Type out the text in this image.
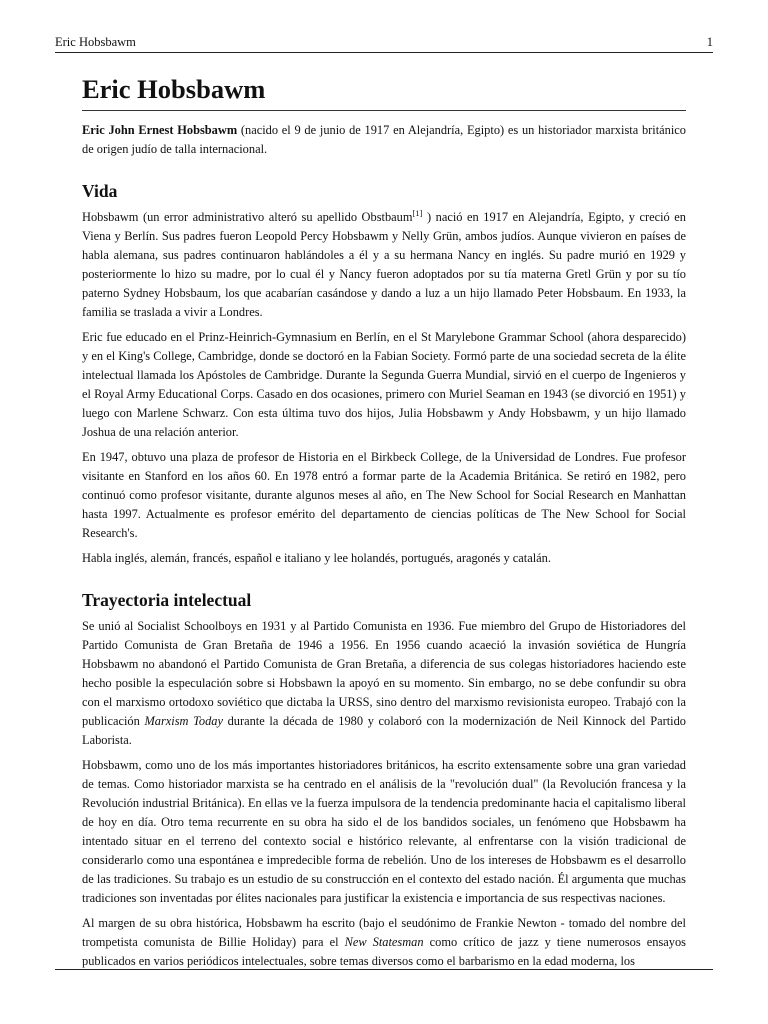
Eric Hobsbawm	1
Eric Hobsbawm

Eric John Ernest Hobsbawm (nacido el 9 de junio de 1917 en Alejandría, Egipto) es un historiador marxista británico de origen judío de talla internacional.

Vida

Hobsbawm (un error administrativo alteró su apellido Obstbaum[1] ) nació en 1917 en Alejandría, Egipto, y creció en Viena y Berlín. Sus padres fueron Leopold Percy Hobsbawm y Nelly Grün, ambos judíos. Aunque vivieron en países de habla alemana, sus padres continuaron hablándoles a él y a su hermana Nancy en inglés. Su padre murió en 1929 y posteriormente lo hizo su madre, por lo cual él y Nancy fueron adoptados por su tía materna Gretl Grün y por su tío paterno Sydney Hobsbaum, los que acabarían casándose y dando a luz a un hijo llamado Peter Hobsbaum. En 1933, la familia se traslada a vivir a Londres.

Eric fue educado en el Prinz-Heinrich-Gymnasium en Berlín, en el St Marylebone Grammar School (ahora desparecido) y en el King's College, Cambridge, donde se doctoró en la Fabian Society. Formó parte de una sociedad secreta de la élite intelectual llamada los Apóstoles de Cambridge. Durante la Segunda Guerra Mundial, sirvió en el cuerpo de Ingenieros y el Royal Army Educational Corps. Casado en dos ocasiones, primero con Muriel Seaman en 1943 (se divorció en 1951) y luego con Marlene Schwarz. Con esta última tuvo dos hijos, Julia Hobsbawm y Andy Hobsbawm, y un hijo llamado Joshua de una relación anterior.

En 1947, obtuvo una plaza de profesor de Historia en el Birkbeck College, de la Universidad de Londres. Fue profesor visitante en Stanford en los años 60. En 1978 entró a formar parte de la Academia Británica. Se retiró en 1982, pero continuó como profesor visitante, durante algunos meses al año, en The New School for Social Research en Manhattan hasta 1997. Actualmente es profesor emérito del departamento de ciencias políticas de The New School for Social Research's.

Habla inglés, alemán, francés, español e italiano y lee holandés, portugués, aragonés y catalán.

Trayectoria intelectual

Se unió al Socialist Schoolboys en 1931 y al Partido Comunista en 1936. Fue miembro del Grupo de Historiadores del Partido Comunista de Gran Bretaña de 1946 a 1956. En 1956 cuando acaeció la invasión soviética de Hungría Hobsbawm no abandonó el Partido Comunista de Gran Bretaña, a diferencia de sus colegas historiadores haciendo este hecho posible la especulación sobre si Hobsbawn la apoyó en su momento. Sin embargo, no se debe confundir su obra con el marxismo ortodoxo soviético que dictaba la URSS, sino dentro del marxismo revisionista europeo. Trabajó con la publicación Marxism Today durante la década de 1980 y colaboró con la modernización de Neil Kinnock del Partido Laborista.

Hobsbawm, como uno de los más importantes historiadores británicos, ha escrito extensamente sobre una gran variedad de temas. Como historiador marxista se ha centrado en el análisis de la "revolución dual" (la Revolución francesa y la Revolución industrial Británica). En ellas ve la fuerza impulsora de la tendencia predominante hacia el capitalismo liberal de hoy en día. Otro tema recurrente en su obra ha sido el de los bandidos sociales, un fenómeno que Hobsbawm ha intentado situar en el terreno del contexto social e histórico relevante, al enfrentarse con la visión tradicional de considerarlo como una espontánea e impredecible forma de rebelión. Uno de los intereses de Hobsbawm es el desarrollo de las tradiciones. Su trabajo es un estudio de su construcción en el contexto del estado nación. Él argumenta que muchas tradiciones son inventadas por élites nacionales para justificar la existencia e importancia de sus respectivas naciones.

Al margen de su obra histórica, Hobsbawm ha escrito (bajo el seudónimo de Frankie Newton - tomado del nombre del trompetista comunista de Billie Holiday) para el New Statesman como crítico de jazz y tiene numerosos ensayos publicados en varios periódicos intelectuales, sobre temas diversos como el barbarismo en la edad moderna, los
